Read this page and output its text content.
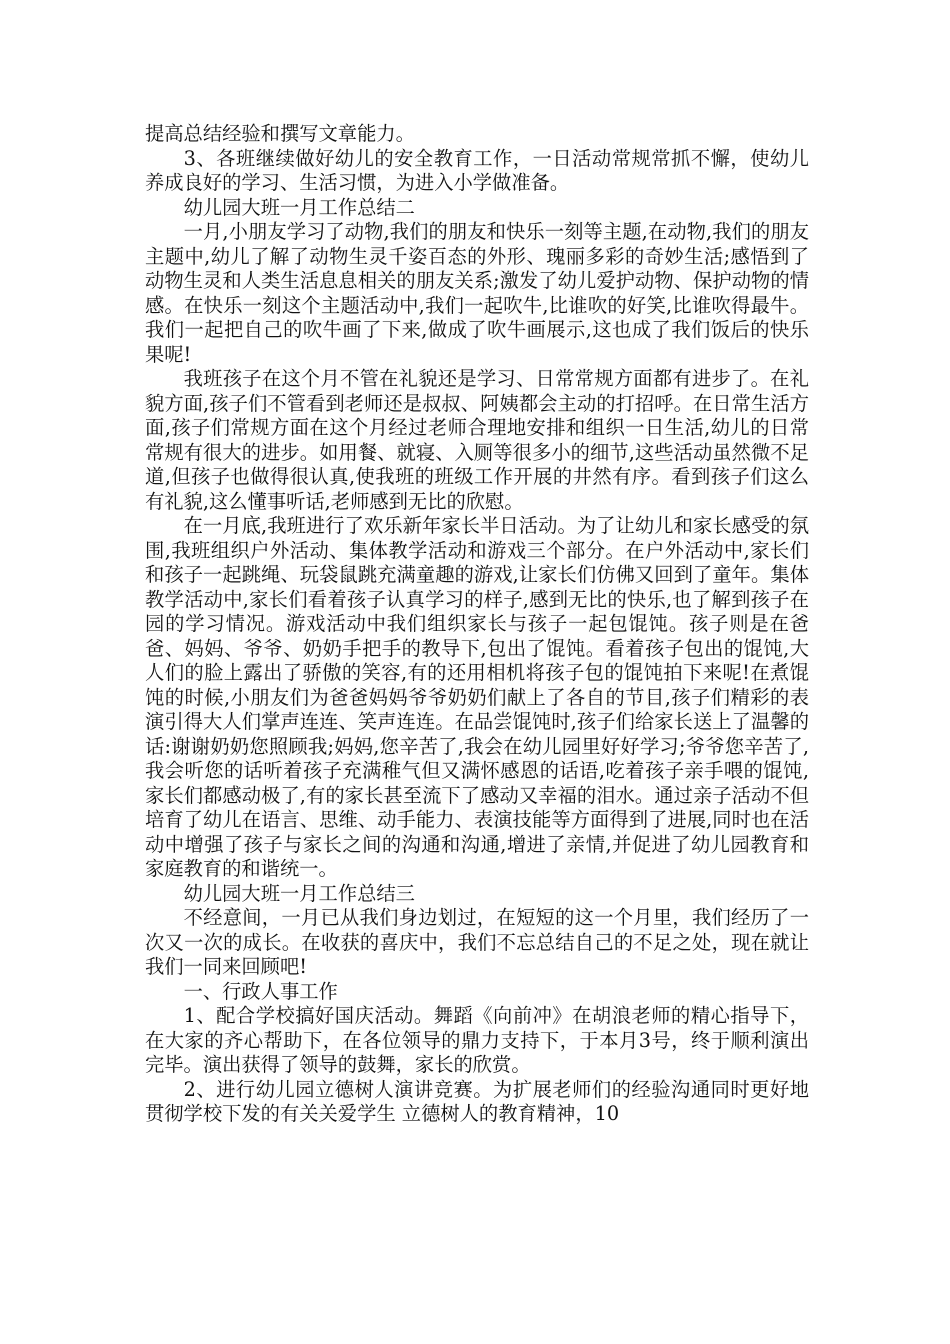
提高总结经验和撰写文章能力。

3、各班继续做好幼儿的安全教育工作，一日活动常规常抓不懈，使幼儿养成良好的学习、生活习惯，为进入小学做准备。

幼儿园大班一月工作总结二

一月,小朋友学习了动物,我们的朋友和快乐一刻等主题,在动物,我们的朋友主题中,幼儿了解了动物生灵千姿百态的外形、瑰丽多彩的奇妙生活;感悟到了动物生灵和人类生活息息相关的朋友关系;激发了幼儿爱护动物、保护动物的情感。在快乐一刻这个主题活动中,我们一起吹牛,比谁吹的好笑,比谁吹得最牛。我们一起把自己的吹牛画了下来,做成了吹牛画展示,这也成了我们饭后的快乐果呢!

我班孩子在这个月不管在礼貌还是学习、日常常规方面都有进步了。在礼貌方面,孩子们不管看到老师还是叔叔、阿姨都会主动的打招呼。在日常生活方面,孩子们常规方面在这个月经过老师合理地安排和组织一日生活,幼儿的日常常规有很大的进步。如用餐、就寝、入厕等很多小的细节,这些活动虽然微不足道,但孩子也做得很认真,使我班的班级工作开展的井然有序。看到孩子们这么有礼貌,这么懂事听话,老师感到无比的欣慰。

在一月底,我班进行了欢乐新年家长半日活动。为了让幼儿和家长感受的氛围,我班组织户外活动、集体教学活动和游戏三个部分。在户外活动中,家长们和孩子一起跳绳、玩袋鼠跳充满童趣的游戏,让家长们仿佛又回到了童年。集体教学活动中,家长们看着孩子认真学习的样子,感到无比的快乐,也了解到孩子在园的学习情况。游戏活动中我们组织家长与孩子一起包馄饨。孩子则是在爸爸、妈妈、爷爷、奶奶手把手的教导下,包出了馄饨。看着孩子包出的馄饨,大人们的脸上露出了骄傲的笑容,有的还用相机将孩子包的馄饨拍下来呢!在煮馄饨的时候,小朋友们为爸爸妈妈爷爷奶奶们献上了各自的节目,孩子们精彩的表演引得大人们掌声连连、笑声连连。在品尝馄饨时,孩子们给家长送上了温馨的话:谢谢奶奶您照顾我;妈妈,您辛苦了,我会在幼儿园里好好学习;爷爷您辛苦了,我会听您的话听着孩子充满稚气但又满怀感恩的话语,吃着孩子亲手喂的馄饨,家长们都感动极了,有的家长甚至流下了感动又幸福的泪水。通过亲子活动不但培育了幼儿在语言、思维、动手能力、表演技能等方面得到了进展,同时也在活动中增强了孩子与家长之间的沟通和沟通,增进了亲情,并促进了幼儿园教育和家庭教育的和谐统一。

幼儿园大班一月工作总结三

不经意间，一月已从我们身边划过，在短短的这一个月里，我们经历了一次又一次的成长。在收获的喜庆中，我们不忘总结自己的不足之处，现在就让我们一同来回顾吧!

一、行政人事工作

1、配合学校搞好国庆活动。舞蹈《向前冲》在胡浪老师的精心指导下，在大家的齐心帮助下，在各位领导的鼎力支持下，于本月3号，终于顺利演出完毕。演出获得了领导的鼓舞，家长的欣赏。

2、进行幼儿园立德树人演讲竞赛。为扩展老师们的经验沟通同时更好地贯彻学校下发的有关关爱学生 立德树人的教育精神，10
